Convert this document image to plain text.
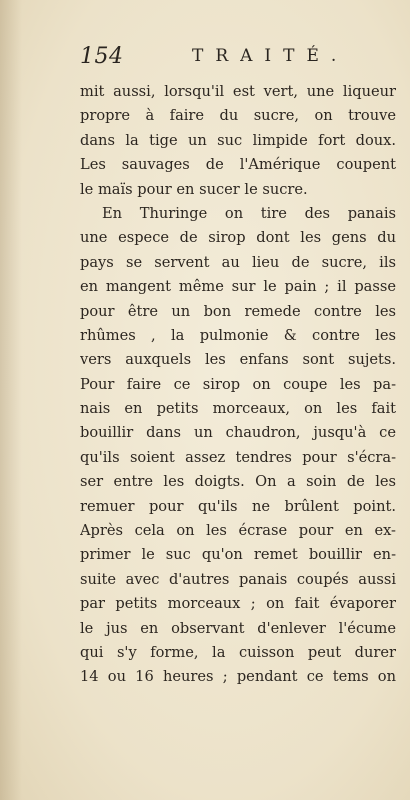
154	TRAITÉ.
mit aussi, lorsqu'il est vert, une liqueur
propre à faire du sucre, on trouve
dans la tige un suc limpide fort doux.
Les sauvages de l'Amérique coupent
le maïs pour en sucer le sucre.
En Thuringe on tire des panais
une espece de sirop dont les gens du
pays se servent au lieu de sucre, ils
en mangent même sur le pain ; il passe
pour être un bon remede contre les
rhûmes , la pulmonie & contre les
vers auxquels les enfans sont sujets.
Pour faire ce sirop on coupe les pa-
nais en petits morceaux, on les fait
bouillir dans un chaudron, jusqu'à ce
qu'ils soient assez tendres pour s'écra-
ser entre les doigts. On a soin de les
remuer pour qu'ils ne brûlent point.
Après cela on les écrase pour en ex-
primer le suc qu'on remet bouillir en-
suite avec d'autres panais coupés aussi
par petits morceaux ; on fait évaporer
le jus en observant d'enlever l'écume
qui s'y forme, la cuisson peut durer
14 ou 16 heures ; pendant ce tems on
